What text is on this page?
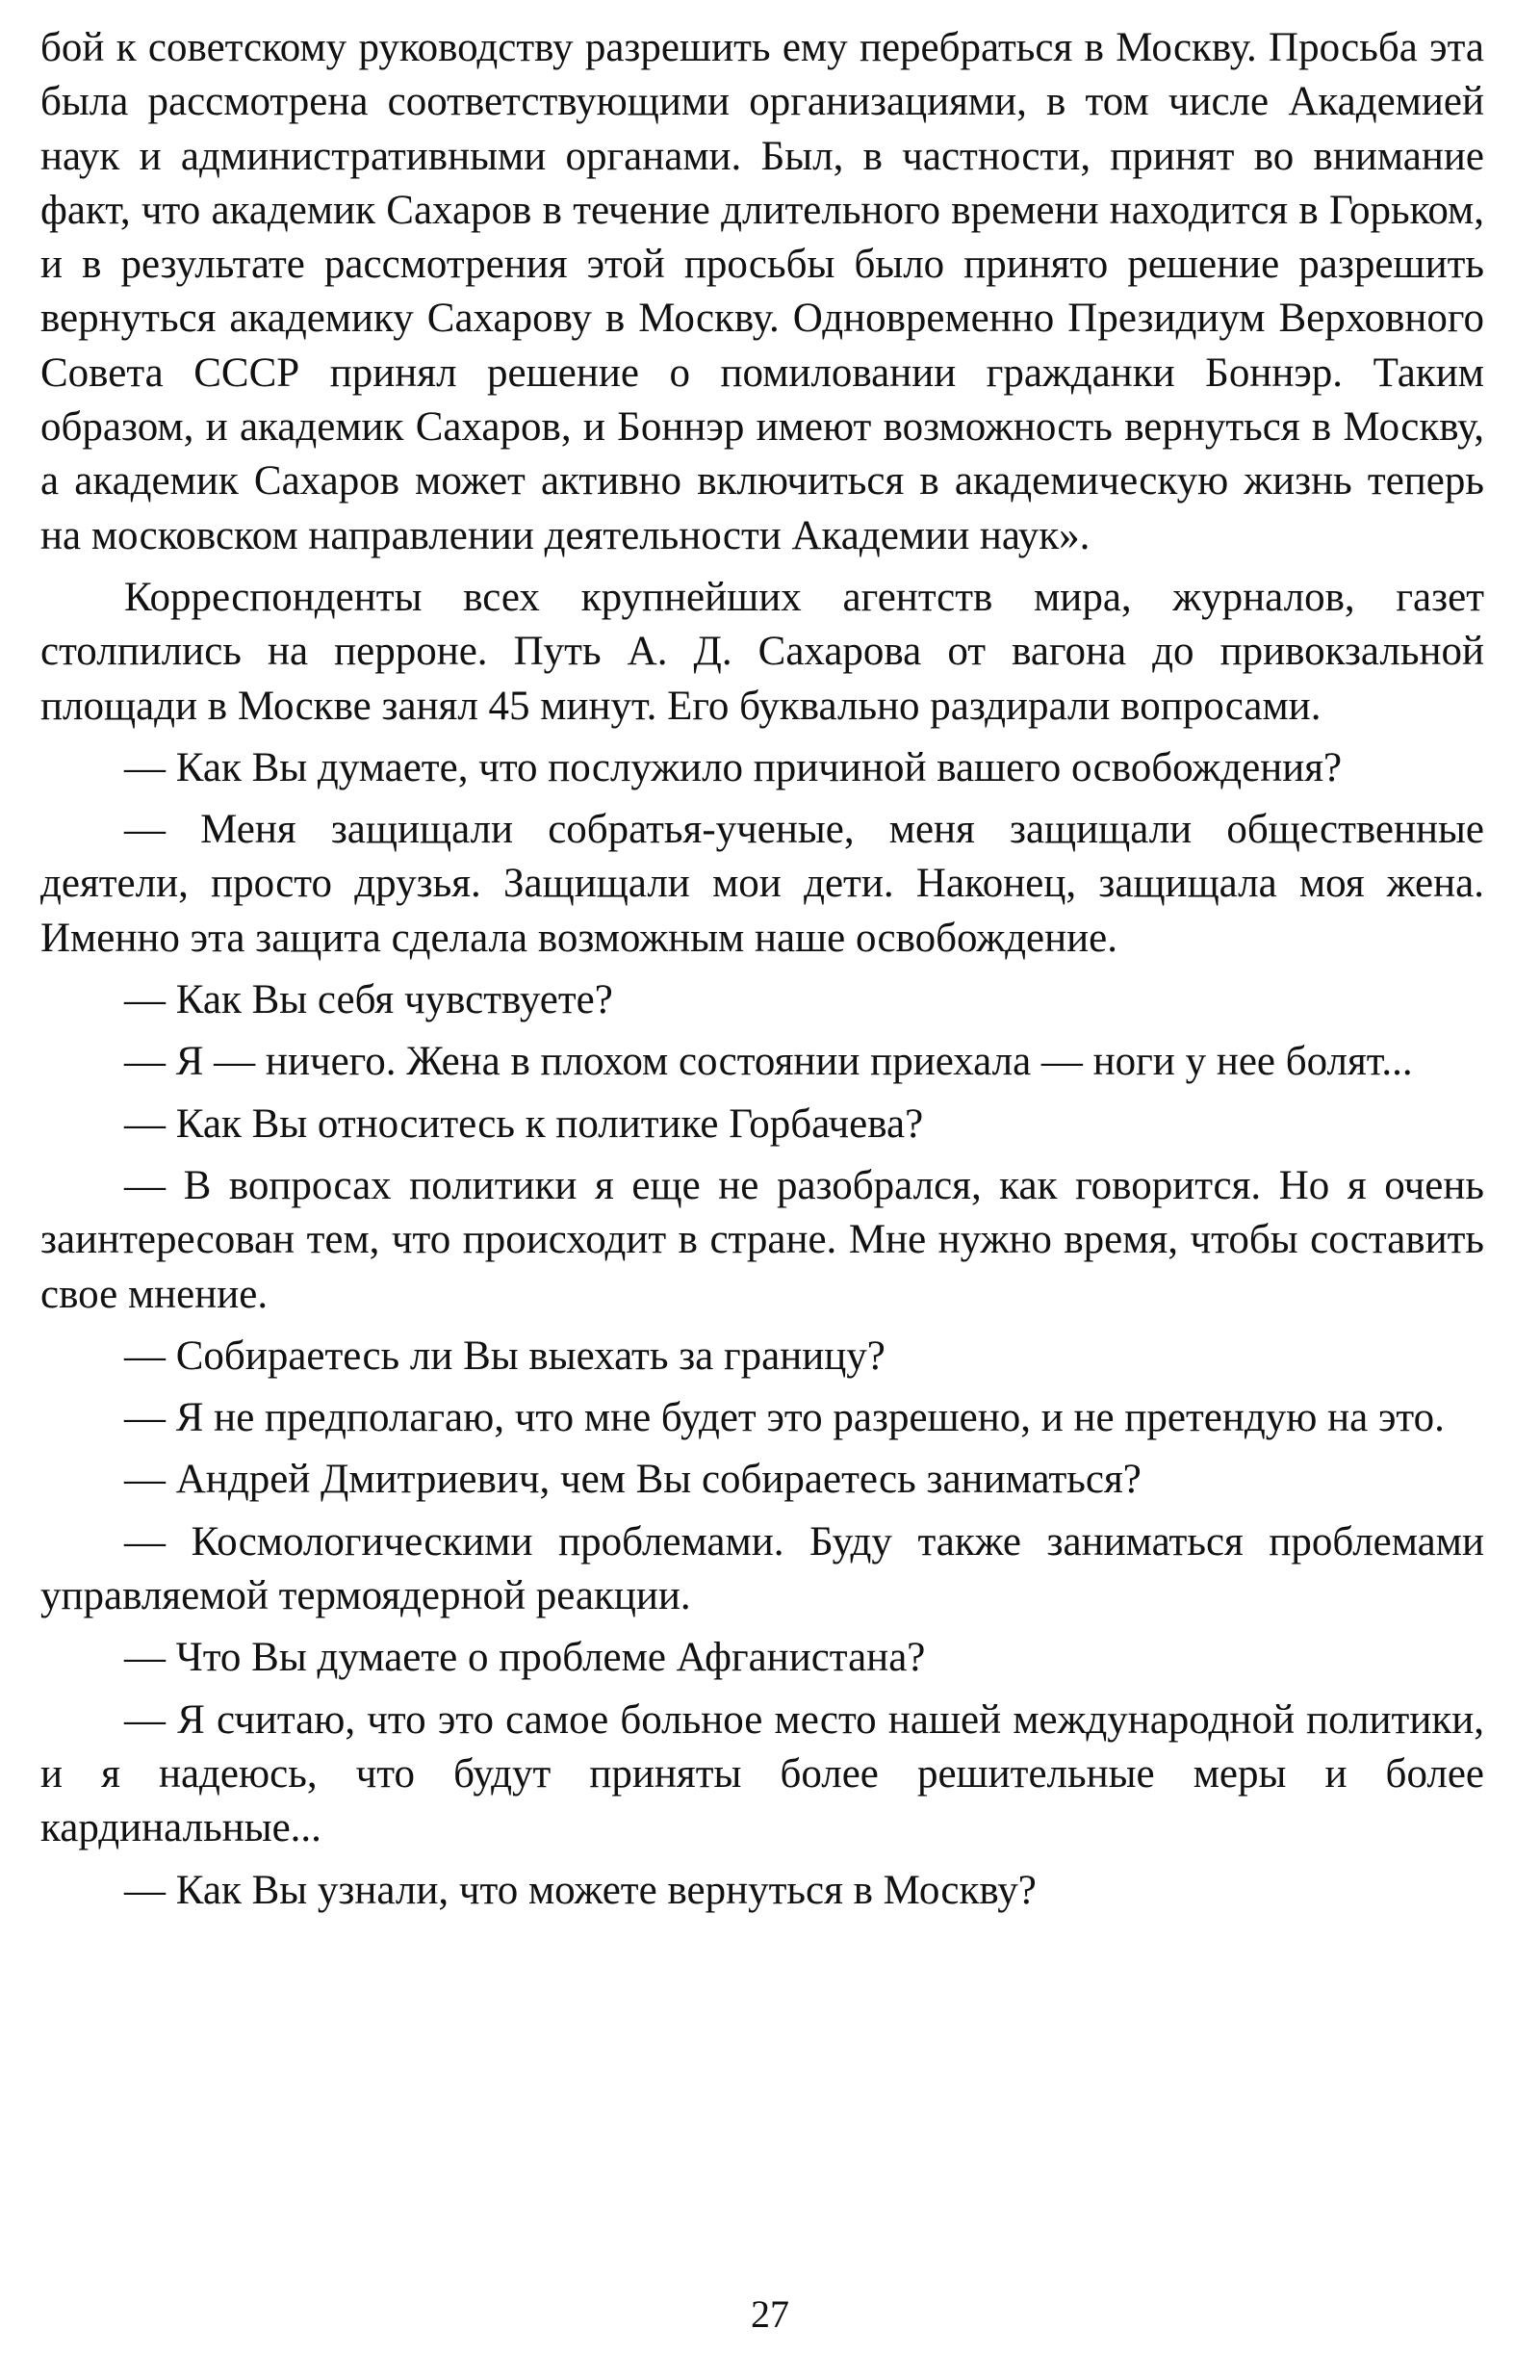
бой к советскому руководству разрешить ему перебраться в Москву. Просьба эта была рассмотрена соответствующими организациями, в том числе Академией наук и административными органами. Был, в частности, принят во внимание факт, что академик Сахаров в течение длительного времени находится в Горьком, и в результате рассмотрения этой просьбы было принято решение разрешить вернуться академику Сахарову в Москву. Одновременно Президиум Верховного Совета СССР принял решение о помиловании гражданки Боннэр. Таким образом, и академик Сахаров, и Боннэр имеют возможность вернуться в Москву, а академик Сахаров может активно включиться в академическую жизнь теперь на московском направлении деятельности Академии наук».

Корреспонденты всех крупнейших агентств мира, журналов, газет столпились на перроне. Путь А. Д. Сахарова от вагона до привокзальной площади в Москве занял 45 минут. Его буквально раздирали вопросами.

— Как Вы думаете, что послужило причиной вашего освобождения?

— Меня защищали собратья-ученые, меня защищали общественные деятели, просто друзья. Защищали мои дети. Наконец, защищала моя жена. Именно эта защита сделала возможным наше освобождение.

— Как Вы себя чувствуете?

— Я — ничего. Жена в плохом состоянии приехала — ноги у нее болят...

— Как Вы относитесь к политике Горбачева?

— В вопросах политики я еще не разобрался, как говорится. Но я очень заинтересован тем, что происходит в стране. Мне нужно время, чтобы составить свое мнение.

— Собираетесь ли Вы выехать за границу?

— Я не предполагаю, что мне будет это разрешено, и не претендую на это.

— Андрей Дмитриевич, чем Вы собираетесь заниматься?

— Космологическими проблемами. Буду также заниматься проблемами управляемой термоядерной реакции.

— Что Вы думаете о проблеме Афганистана?

— Я считаю, что это самое больное место нашей международной политики, и я надеюсь, что будут приняты более решительные меры и более кардинальные...

— Как Вы узнали, что можете вернуться в Москву?

27
